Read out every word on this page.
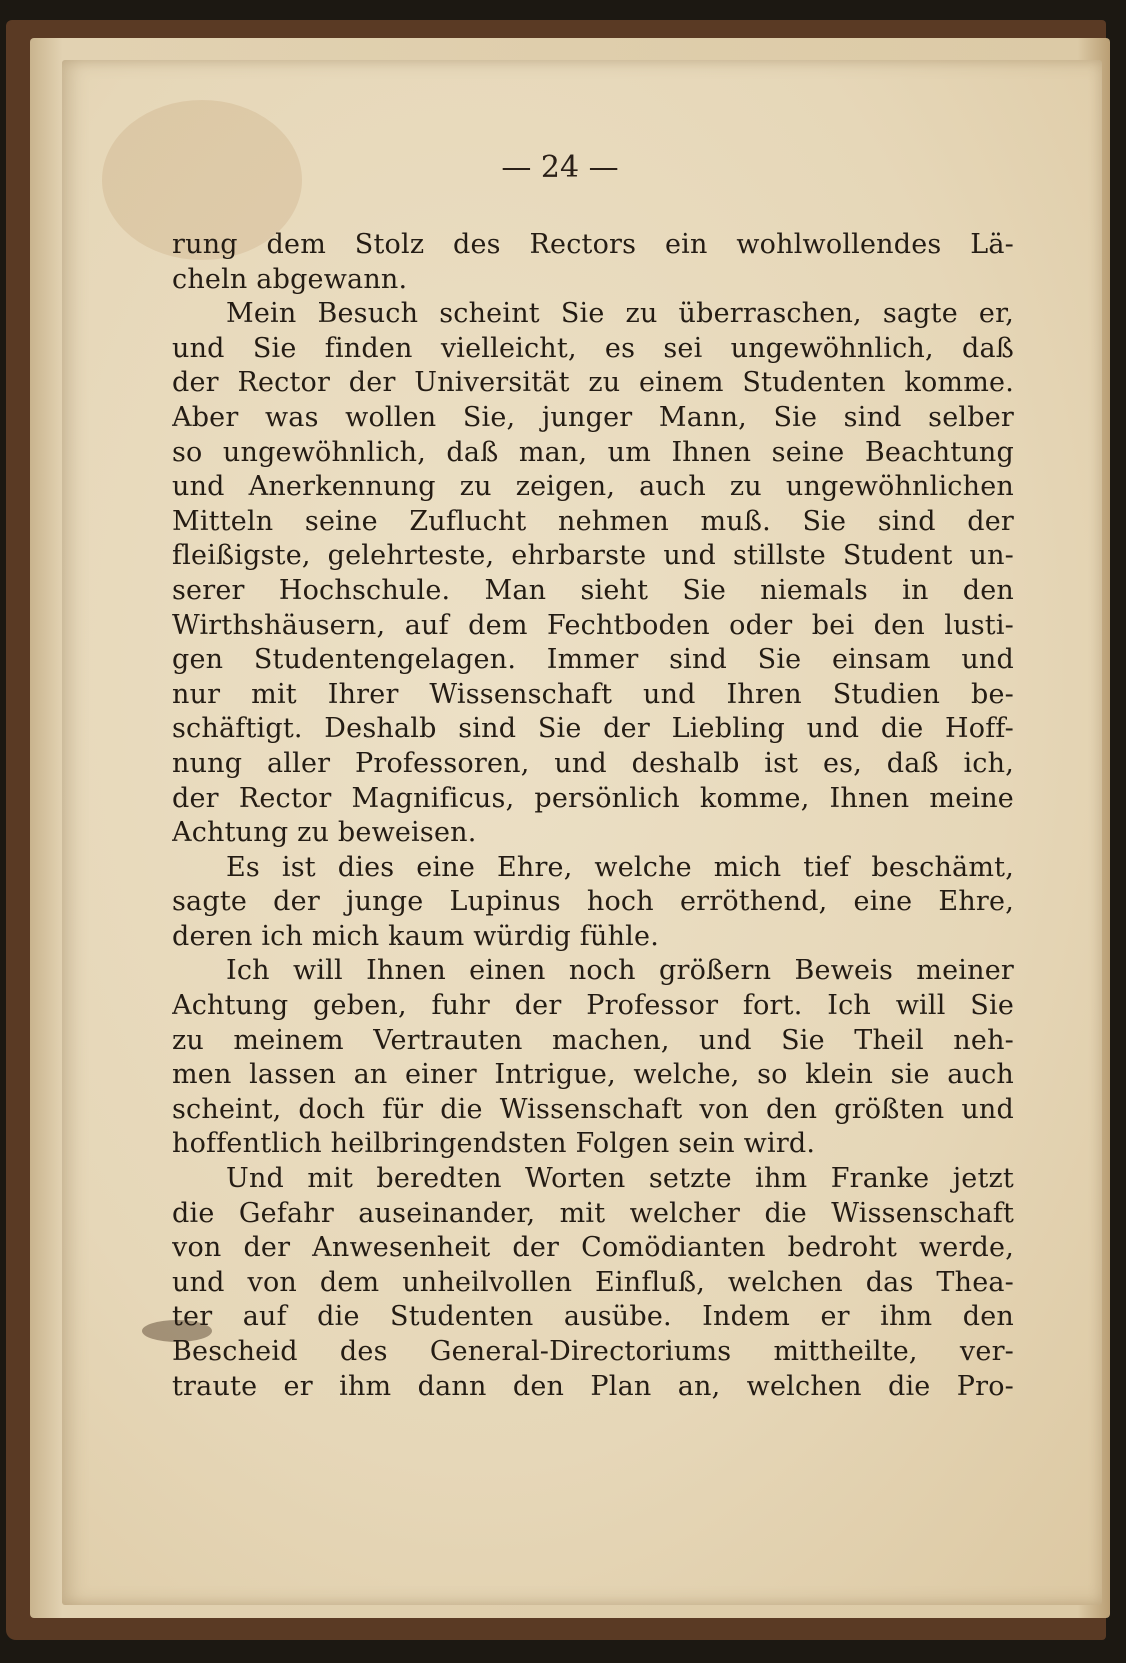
— 24 —
rung dem Stolz des Rectors ein wohlwollendes Lä-
cheln abgewann.
Mein Besuch scheint Sie zu überraschen, sagte er,
und Sie finden vielleicht, es sei ungewöhnlich, daß
der Rector der Universität zu einem Studenten komme.
Aber was wollen Sie, junger Mann, Sie sind selber
so ungewöhnlich, daß man, um Ihnen seine Beachtung
und Anerkennung zu zeigen, auch zu ungewöhnlichen
Mitteln seine Zuflucht nehmen muß. Sie sind der
fleißigste, gelehrteste, ehrbarste und stillste Student un-
serer Hochschule. Man sieht Sie niemals in den
Wirthshäusern, auf dem Fechtboden oder bei den lusti-
gen Studentengelagen. Immer sind Sie einsam und
nur mit Ihrer Wissenschaft und Ihren Studien be-
schäftigt. Deshalb sind Sie der Liebling und die Hoff-
nung aller Professoren, und deshalb ist es, daß ich,
der Rector Magnificus, persönlich komme, Ihnen meine
Achtung zu beweisen.
Es ist dies eine Ehre, welche mich tief beschämt,
sagte der junge Lupinus hoch erröthend, eine Ehre,
deren ich mich kaum würdig fühle.
Ich will Ihnen einen noch größern Beweis meiner
Achtung geben, fuhr der Professor fort. Ich will Sie
zu meinem Vertrauten machen, und Sie Theil neh-
men lassen an einer Intrigue, welche, so klein sie auch
scheint, doch für die Wissenschaft von den größten und
hoffentlich heilbringendsten Folgen sein wird.
Und mit beredten Worten setzte ihm Franke jetzt
die Gefahr auseinander, mit welcher die Wissenschaft
von der Anwesenheit der Comödianten bedroht werde,
und von dem unheilvollen Einfluß, welchen das Thea-
ter auf die Studenten ausübe. Indem er ihm den
Bescheid des General-Directoriums mittheilte, ver-
traute er ihm dann den Plan an, welchen die Pro-
